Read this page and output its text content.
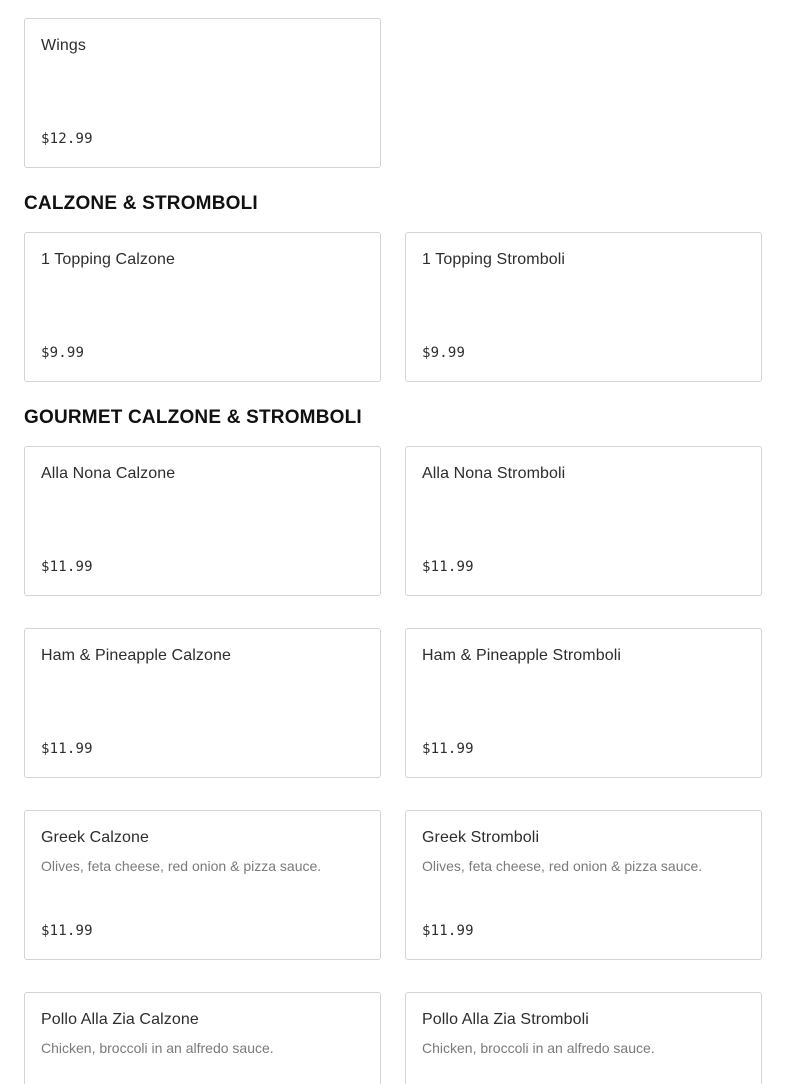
Wings
$12.99
CALZONE & STROMBOLI
1 Topping Calzone
$9.99
1 Topping Stromboli
$9.99
GOURMET CALZONE & STROMBOLI
Alla Nona Calzone
$11.99
Alla Nona Stromboli
$11.99
Ham & Pineapple Calzone
$11.99
Ham & Pineapple Stromboli
$11.99
Greek Calzone
Olives, feta cheese, red onion & pizza sauce.
$11.99
Greek Stromboli
Olives, feta cheese, red onion & pizza sauce.
$11.99
Pollo Alla Zia Calzone
Chicken, broccoli in an alfredo sauce.
Pollo Alla Zia Stromboli
Chicken, broccoli in an alfredo sauce.
